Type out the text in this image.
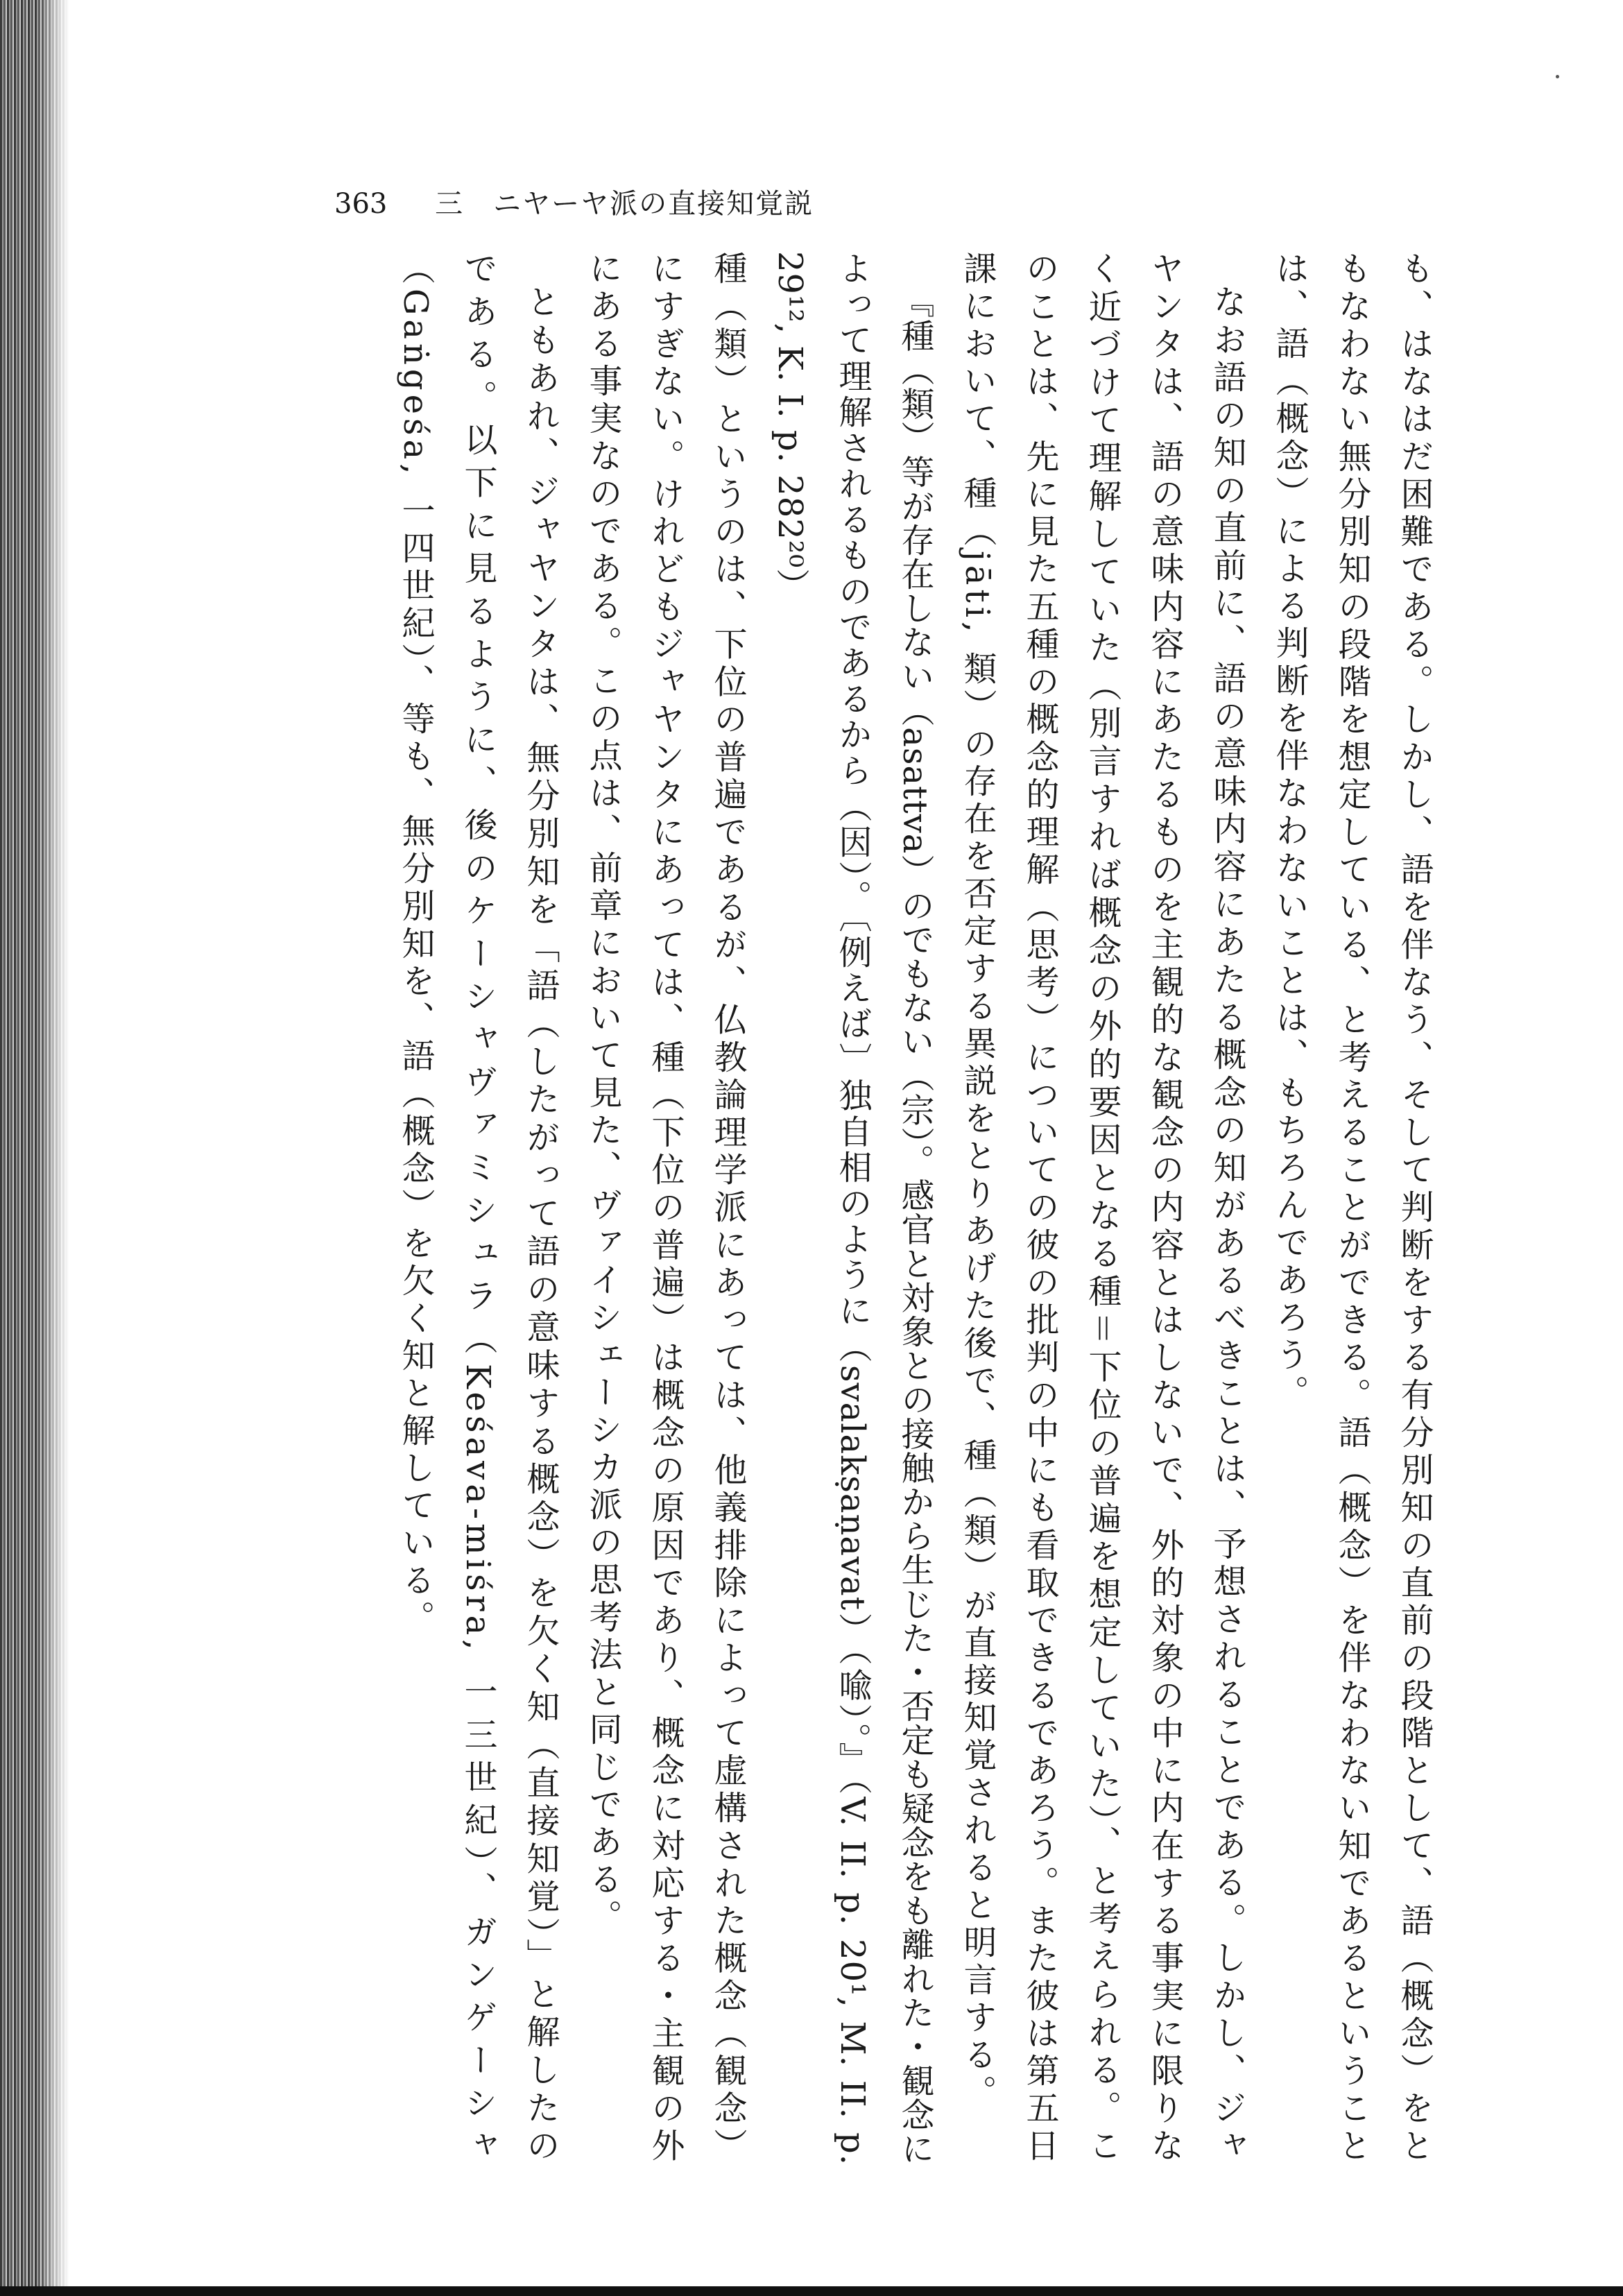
363 三　ニヤーヤ派の直接知覚説

も、はなはだ困難である。しかし、語を伴なう、そして判断をする有分別知の直前の段階として、語（概念）をともなわない無分別知の段階を想定している、と考えることができる。語（概念）を伴なわない知であるということは、語（概念）による判断を伴なわないことは、もちろんであろう。

なお語の知の直前に、語の意味内容にあたる概念の知があるべきことは、予想されることである。しかし、ジャヤンタは、語の意味内容にあたるものを主観的な観念の内容とはしないで、外的対象の中に内在する事実に限りなく近づけて理解していた（別言すれば概念の外的要因となる種＝下位の普遍を想定していた）、と考えられる。このことは、先に見た五種の概念的理解（思考）についての彼の批判の中にも看取できるであろう。また彼は第五日課において、種（jāti, 類）の存在を否定する異説をとりあげた後で、種（類）が直接知覚されると明言する。

『種（類）等が存在しない（asattva）のでもない（宗）。感官と対象との接触から生じた・否定も疑念をも離れた・観念によって理解されるものであるから（因）。〔例えば〕独自相のように（svalakṣaṇavat）（喩）。』（V. II. p. 20¹, M. II. p. 29¹², K. I. p. 282²⁰）

種（類）というのは、下位の普遍であるが、仏教論理学派にあっては、他義排除によって虚構された概念（観念）にすぎない。けれどもジャヤンタにあっては、種（下位の普遍）は概念の原因であり、概念に対応する・主観の外にある事実なのである。この点は、前章において見た、ヴァイシェーシカ派の思考法と同じである。

ともあれ、ジャヤンタは、無分別知を「語（したがって語の意味する概念）を欠く知（直接知覚）」と解したのである。以下に見るように、後のケーシャヴァミシュラ（Keśava-miśra, 一三世紀）、ガンゲーシャ（Gaṅgeśa, 一四世紀）、等も、無分別知を、語（概念）を欠く知と解している。
